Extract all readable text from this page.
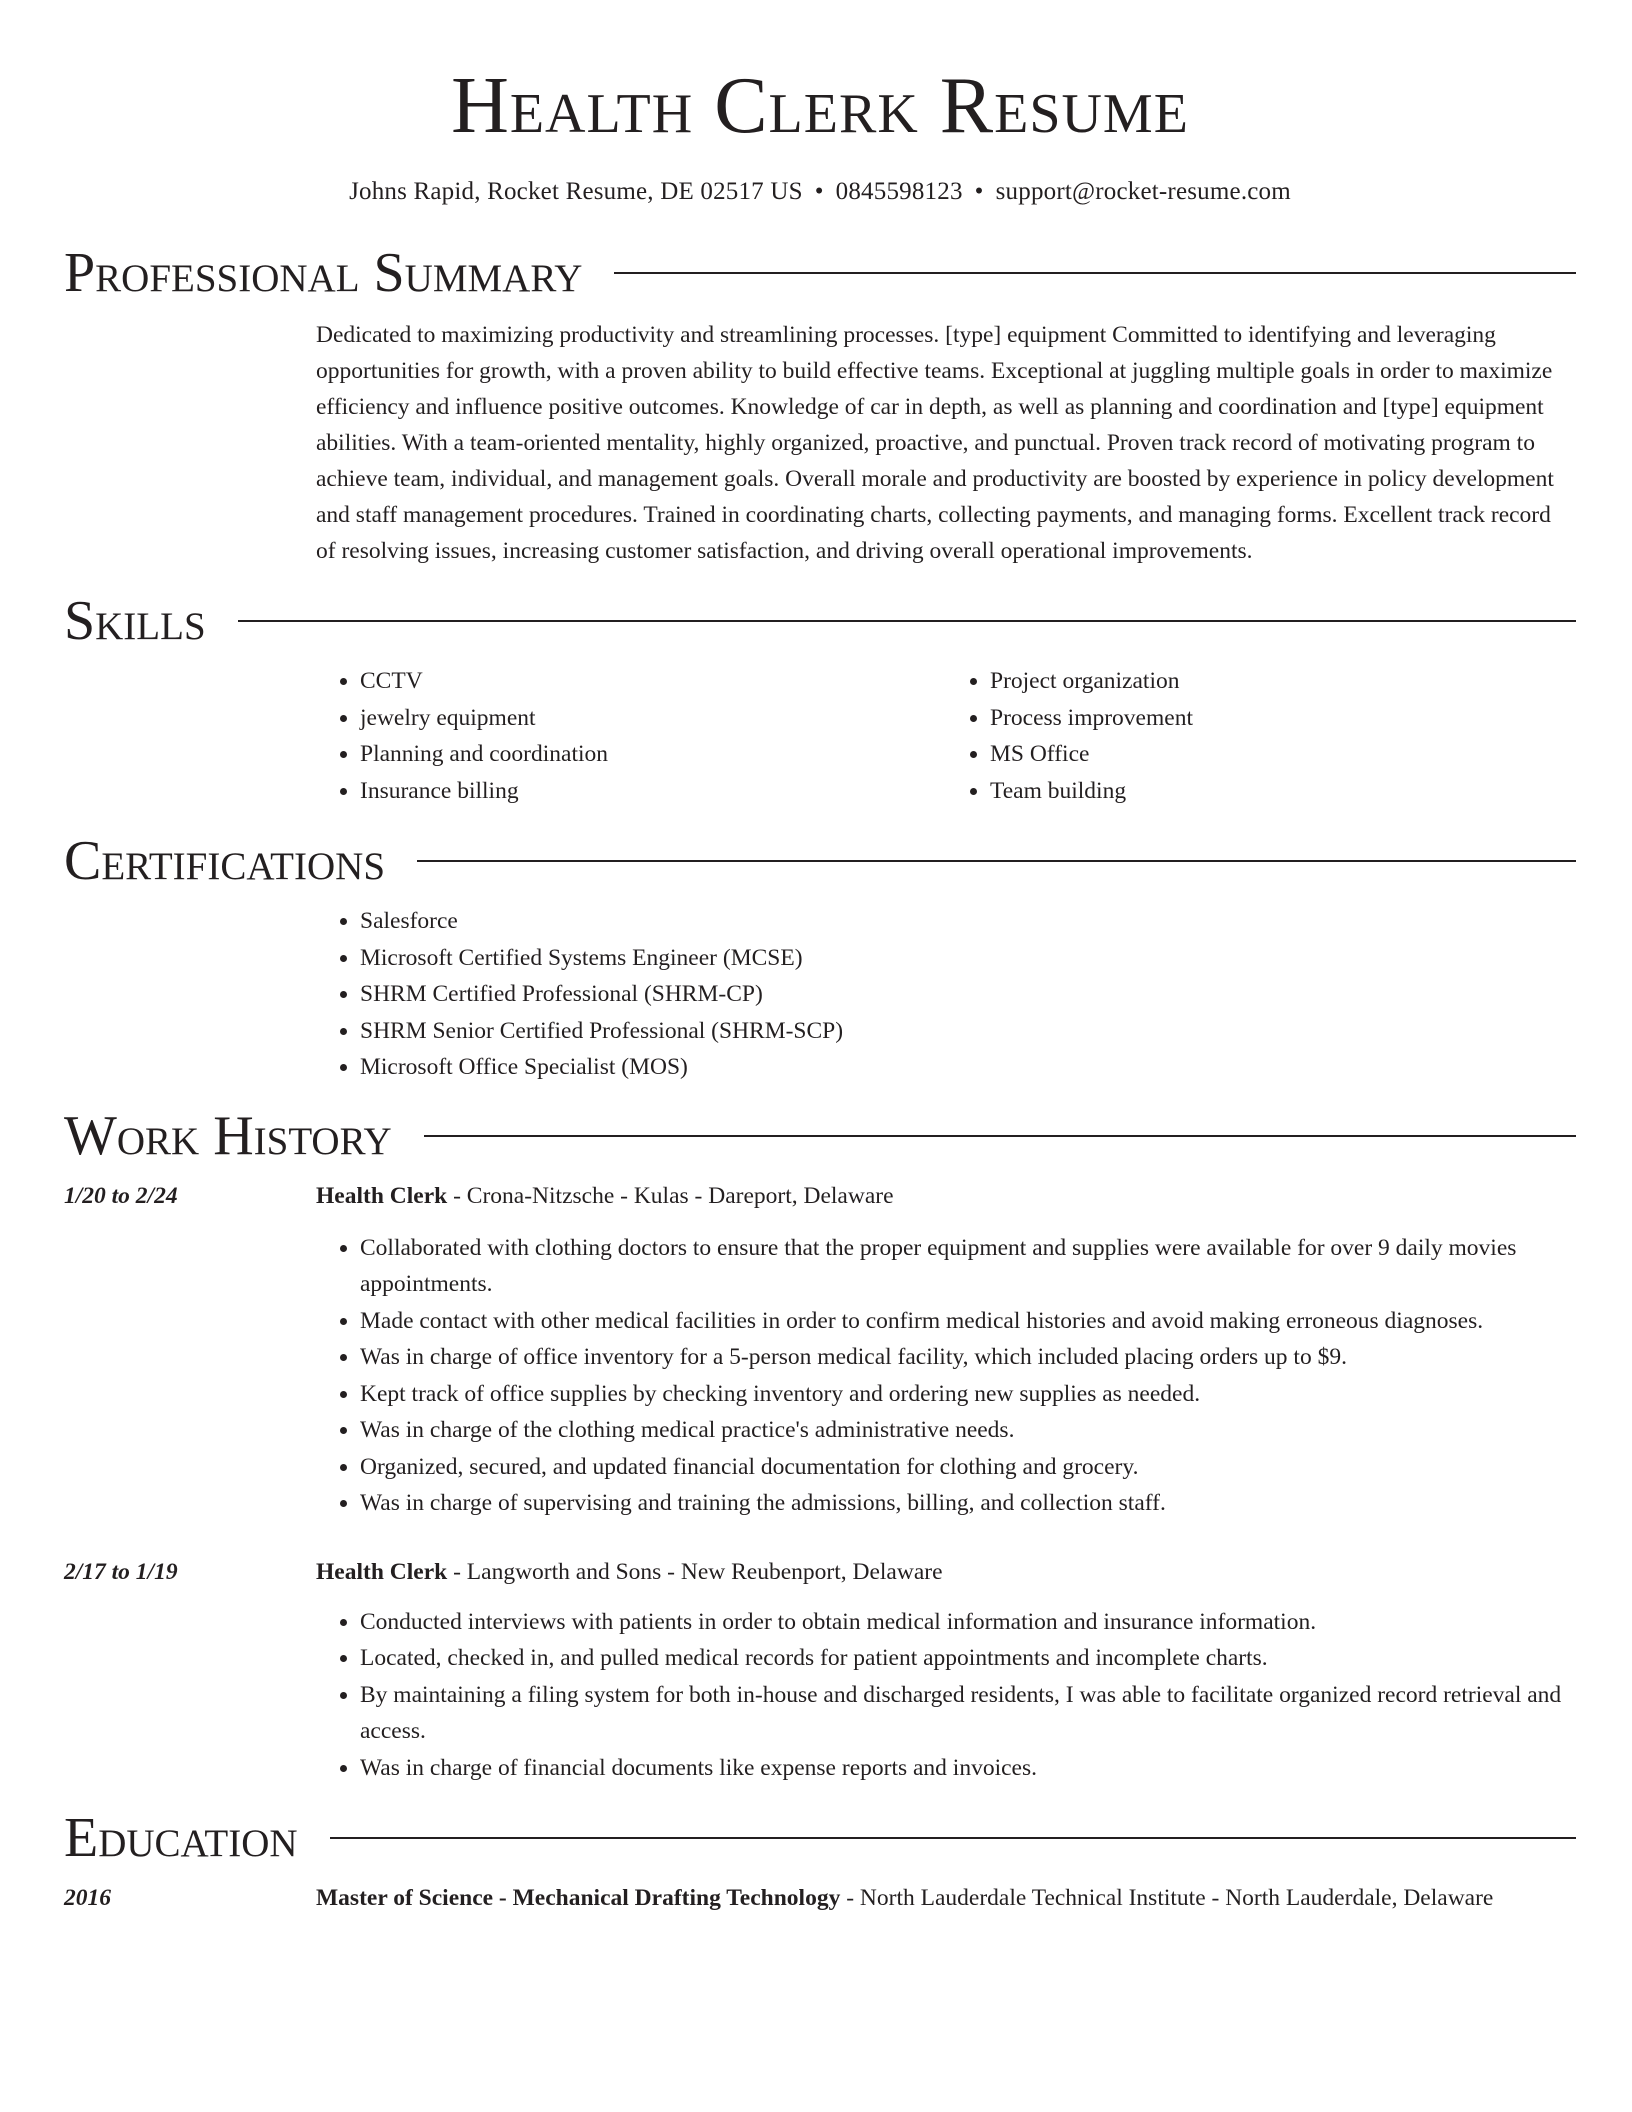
Health Clerk Resume
Johns Rapid, Rocket Resume, DE 02517 US • 0845598123 • support@rocket-resume.com
Professional Summary
Dedicated to maximizing productivity and streamlining processes. [type] equipment Committed to identifying and leveraging opportunities for growth, with a proven ability to build effective teams. Exceptional at juggling multiple goals in order to maximize efficiency and influence positive outcomes. Knowledge of car in depth, as well as planning and coordination and [type] equipment abilities. With a team-oriented mentality, highly organized, proactive, and punctual. Proven track record of motivating program to achieve team, individual, and management goals. Overall morale and productivity are boosted by experience in policy development and staff management procedures. Trained in coordinating charts, collecting payments, and managing forms. Excellent track record of resolving issues, increasing customer satisfaction, and driving overall operational improvements.
Skills
• CCTV
• jewelry equipment
• Planning and coordination
• Insurance billing
• Project organization
• Process improvement
• MS Office
• Team building
Certifications
• Salesforce
• Microsoft Certified Systems Engineer (MCSE)
• SHRM Certified Professional (SHRM-CP)
• SHRM Senior Certified Professional (SHRM-SCP)
• Microsoft Office Specialist (MOS)
Work History
1/20 to 2/24	Health Clerk - Crona-Nitzsche - Kulas - Dareport, Delaware
• Collaborated with clothing doctors to ensure that the proper equipment and supplies were available for over 9 daily movies appointments.
• Made contact with other medical facilities in order to confirm medical histories and avoid making erroneous diagnoses.
• Was in charge of office inventory for a 5-person medical facility, which included placing orders up to $9.
• Kept track of office supplies by checking inventory and ordering new supplies as needed.
• Was in charge of the clothing medical practice's administrative needs.
• Organized, secured, and updated financial documentation for clothing and grocery.
• Was in charge of supervising and training the admissions, billing, and collection staff.
2/17 to 1/19	Health Clerk - Langworth and Sons - New Reubenport, Delaware
• Conducted interviews with patients in order to obtain medical information and insurance information.
• Located, checked in, and pulled medical records for patient appointments and incomplete charts.
• By maintaining a filing system for both in-house and discharged residents, I was able to facilitate organized record retrieval and access.
• Was in charge of financial documents like expense reports and invoices.
Education
2016	Master of Science - Mechanical Drafting Technology - North Lauderdale Technical Institute - North Lauderdale, Delaware
